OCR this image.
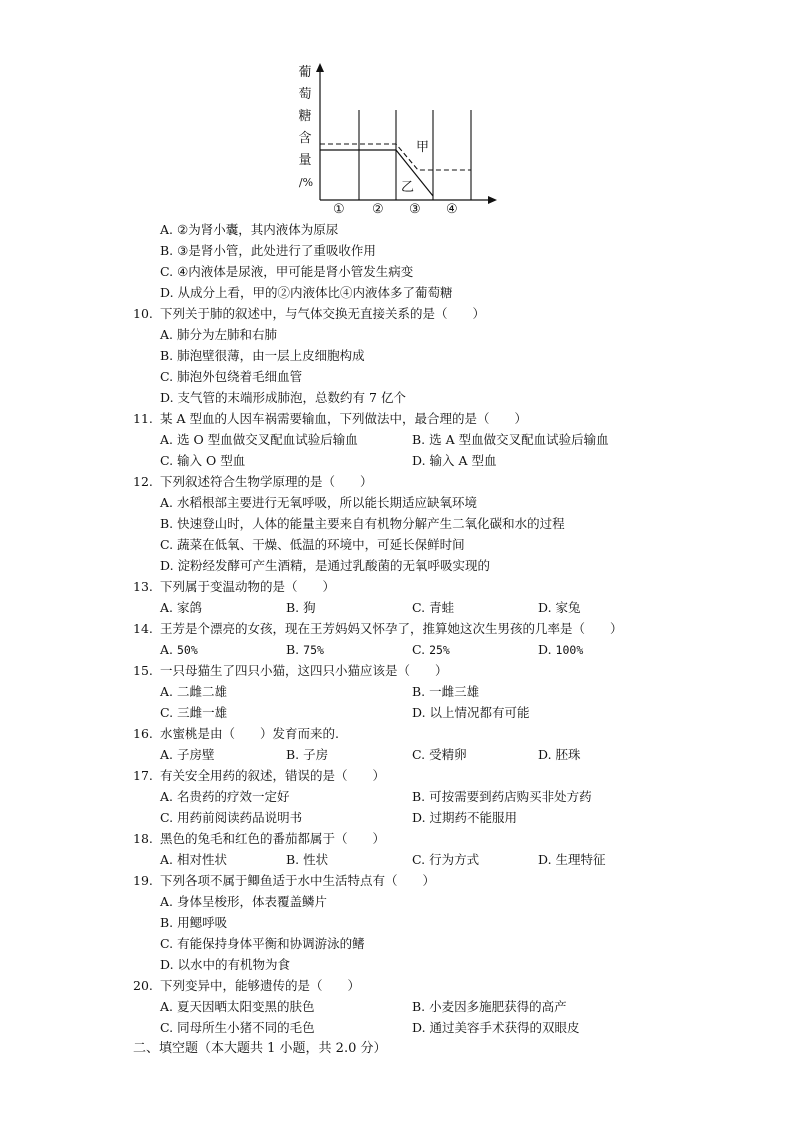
葡
萄
糖
含
量
/%
甲
乙
① ② ③ ④
A. ②为肾小囊，其内液体为原尿
B. ③是肾小管，此处进行了重吸收作用
C. ④内液体是尿液，甲可能是肾小管发生病变
D. 从成分上看，甲的②内液体比④内液体多了葡萄糖
10. 下列关于肺的叙述中，与气体交换无直接关系的是（　　）
A. 肺分为左肺和右肺
B. 肺泡壁很薄，由一层上皮细胞构成
C. 肺泡外包绕着毛细血管
D. 支气管的末端形成肺泡，总数约有 7 亿个
11. 某 A 型血的人因车祸需要输血，下列做法中，最合理的是（　　）
A. 选 O 型血做交叉配血试验后输血	B. 选 A 型血做交叉配血试验后输血
C. 输入 O 型血	D. 输入 A 型血
12. 下列叙述符合生物学原理的是（　　）
A. 水稻根部主要进行无氧呼吸，所以能长期适应缺氧环境
B. 快速登山时，人体的能量主要来自有机物分解产生二氧化碳和水的过程
C. 蔬菜在低氧、干燥、低温的环境中，可延长保鲜时间
D. 淀粉经发酵可产生酒精，是通过乳酸菌的无氧呼吸实现的
13. 下列属于变温动物的是（　　）
A. 家鸽	B. 狗	C. 青蛙	D. 家兔
14. 王芳是个漂亮的女孩，现在王芳妈妈又怀孕了，推算她这次生男孩的几率是（　　）
A. 50%	B. 75%	C. 25%	D. 100%
15. 一只母猫生了四只小猫，这四只小猫应该是（　　）
A. 二雌二雄	B. 一雌三雄
C. 三雌一雄	D. 以上情况都有可能
16. 水蜜桃是由（　　）发育而来的.
A. 子房壁	B. 子房	C. 受精卵	D. 胚珠
17. 有关安全用药的叙述，错误的是（　　）
A. 名贵药的疗效一定好	B. 可按需要到药店购买非处方药
C. 用药前阅读药品说明书	D. 过期药不能服用
18. 黑色的兔毛和红色的番茄都属于（　　）
A. 相对性状	B. 性状	C. 行为方式	D. 生理特征
19. 下列各项不属于鲫鱼适于水中生活特点有（　　）
A. 身体呈梭形，体表覆盖鳞片
B. 用鳃呼吸
C. 有能保持身体平衡和协调游泳的鳍
D. 以水中的有机物为食
20. 下列变异中，能够遗传的是（　　）
A. 夏天因晒太阳变黑的肤色	B. 小麦因多施肥获得的高产
C. 同母所生小猪不同的毛色	D. 通过美容手术获得的双眼皮
二、填空题（本大题共 1 小题，共 2.0 分）
